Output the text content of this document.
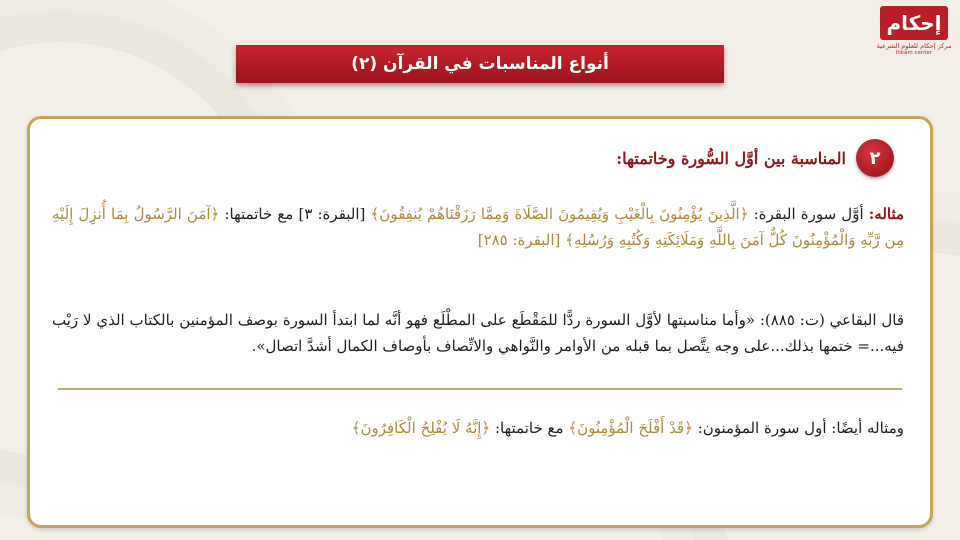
إحكام
مركز إحكام للعلوم الشرعية
Ihkam center
أنواع المناسبات في القرآن (٢)
٢
المناسبة بين أوَّل السُّورة وخاتمتها:

مثاله: أوَّل سورة البقرة: ﴿الَّذِينَ يُؤْمِنُونَ بِالْغَيْبِ وَيُقِيمُونَ الصَّلَاةَ وَمِمَّا رَزَقْنَاهُمْ يُنفِقُونَ﴾ [البقرة: ٣] مع خاتمتها: ﴿آمَنَ الرَّسُولُ بِمَا أُنزِلَ إِلَيْهِ مِن رَّبِّهِ وَالْمُؤْمِنُونَ كُلٌّ آمَنَ بِاللَّهِ وَمَلَائِكَتِهِ وَكُتُبِهِ وَرُسُلِهِ﴾ [البقرة: ٢٨٥]

قال البقاعي (ت: ٨٨٥): «وأما مناسبتها لأوَّل السورة ردًّا للمَقْطَع على المطْلَع فهو أنَّه لما ابتدأ السورة بوصف المؤمنين بالكتاب الذي لا رَيْب فيه...= ختمها بذلك...على وجه يتَّصل بما قبله من الأوامر والنَّواهي والاتِّصاف بأوصاف الكمال أشدَّ اتصال».

ومثاله أيضًا: أول سورة المؤمنون: ﴿قَدْ أَفْلَحَ الْمُؤْمِنُونَ﴾ مع خاتمتها: ﴿إِنَّهُ لَا يُفْلِحُ الْكَافِرُونَ﴾
